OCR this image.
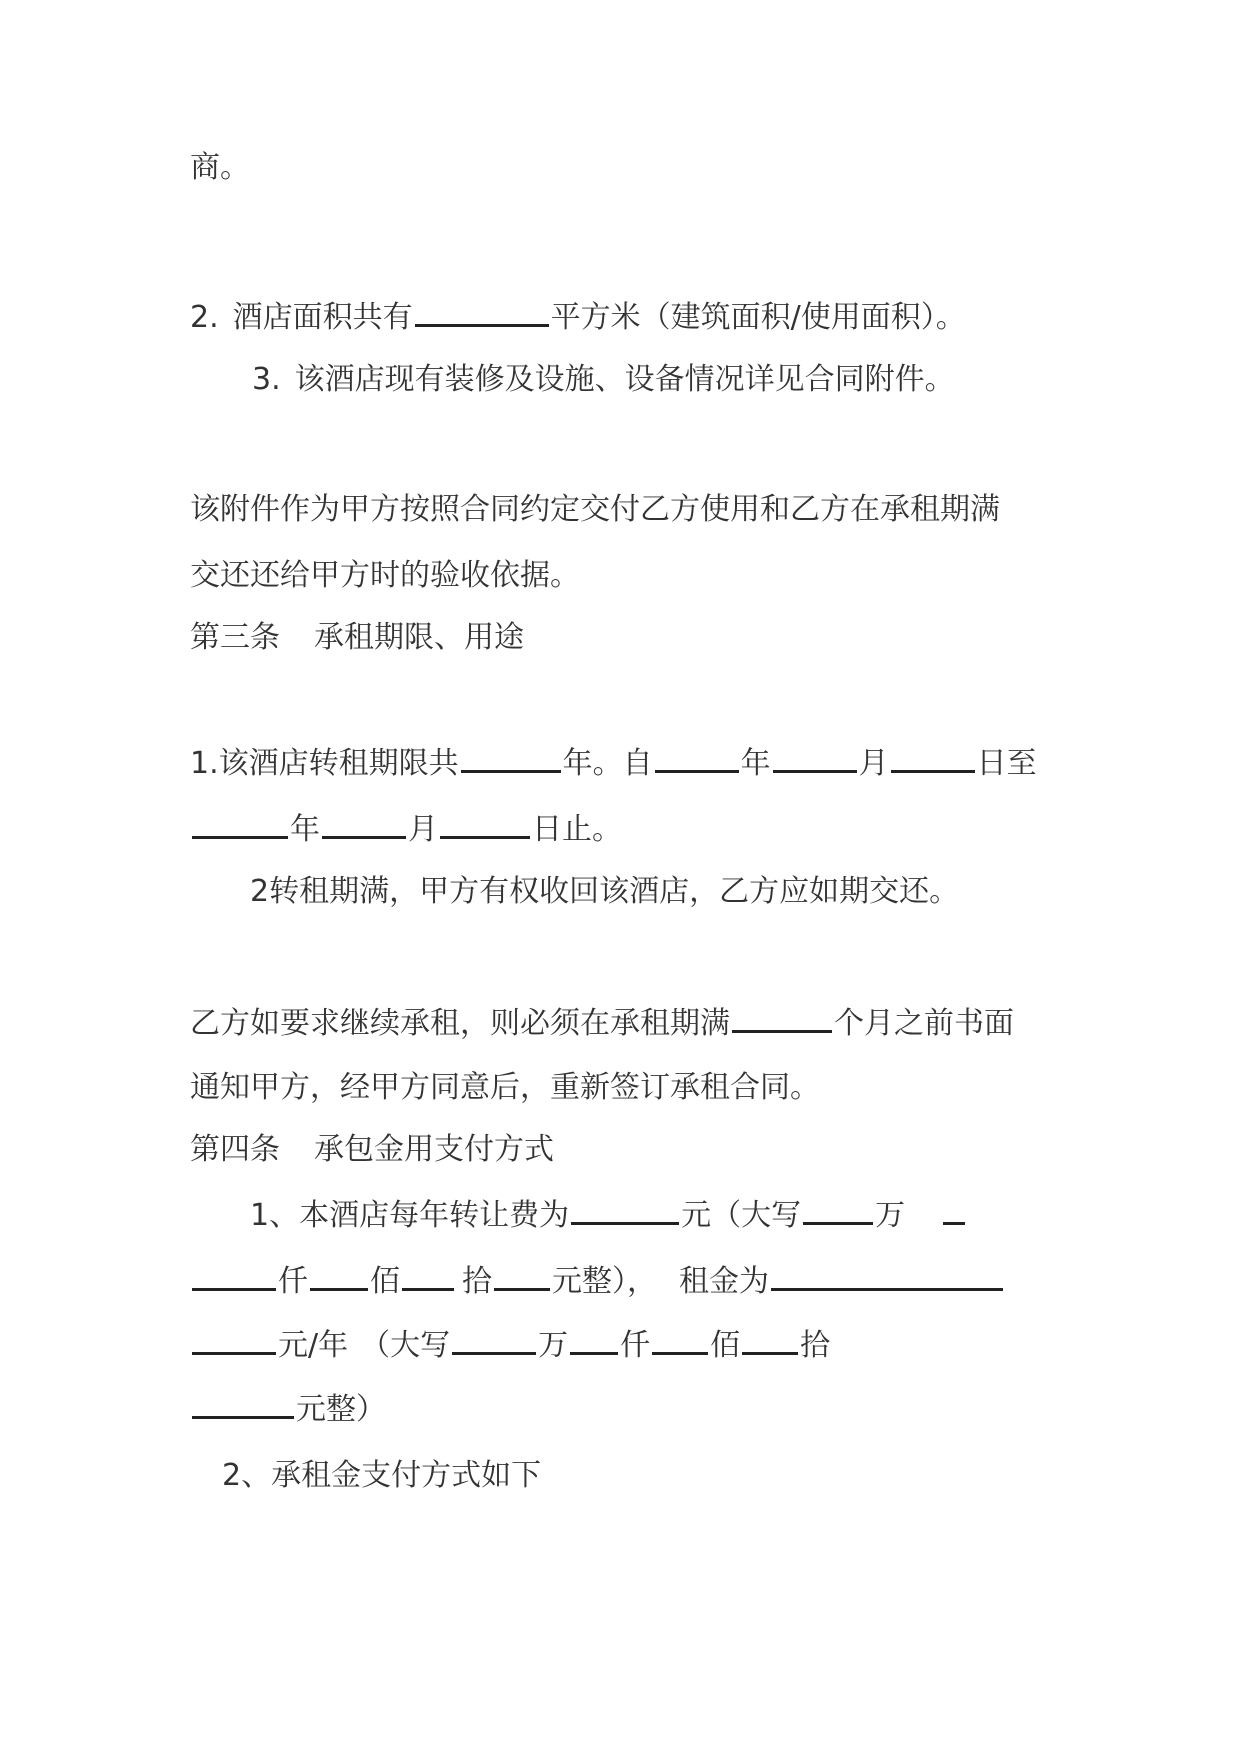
商。
2. 酒店面积共有	平方米（建筑面积/使用面积）。
3. 该酒店现有装修及设施、设备情况详见合同附件。
该附件作为甲方按照合同约定交付乙方使用和乙方在承租期满
交还还给甲方时的验收依据。
第三条 承租期限、用途
1.该酒店转租期限共	年。自	年	月	日至
年	月	日止。
2转租期满，甲方有权收回该酒店，乙方应如期交还。
乙方如要求继续承租，则必须在承租期满	个月之前书面
通知甲方，经甲方同意后，重新签订承租合同。
第四条 承包金用支付方式
1、本酒店每年转让费为	元（大写 万
仟 佰 拾 元整）， 租金为
元/年 （大写	万 仟 佰 拾
元整）
2、承租金支付方式如下
